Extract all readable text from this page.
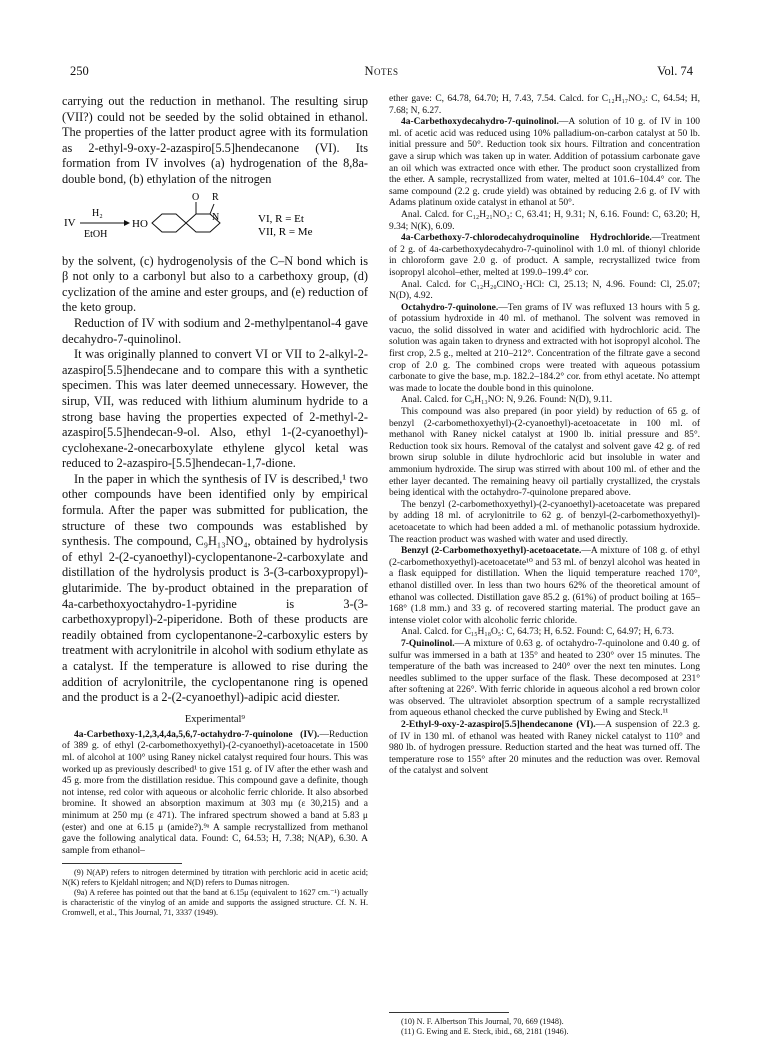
250	Notes	Vol. 74

carrying out the reduction in methanol. The resulting sirup (VII?) could not be seeded by the solid obtained in ethanol. The properties of the latter product agree with its formulation as 2-ethyl-9-oxy-2-azaspiro[5.5]hendecanone (VI). Its formation from IV involves (a) hydrogenation of the 8,8a-double bond, (b) ethylation of the nitrogen

IV
H₂
EtOH
HO
O R
N	VI, R = Et
VII, R = Me

by the solvent, (c) hydrogenolysis of the C–N bond which is β not only to a carbonyl but also to a carbethoxy group, (d) cyclization of the amine and ester groups, and (e) reduction of the keto group.

Reduction of IV with sodium and 2-methylpentanol-4 gave decahydro-7-quinolinol.

It was originally planned to convert VI or VII to 2-alkyl-2-azaspiro[5.5]hendecane and to compare this with a synthetic specimen. This was later deemed unnecessary. However, the sirup, VII, was reduced with lithium aluminum hydride to a strong base having the properties expected of 2-methyl-2-azaspiro[5.5]hendecan-9-ol. Also, ethyl 1-(2-cyanoethyl)-cyclohexane-2-onecarboxylate ethylene glycol ketal was reduced to 2-azaspiro-[5.5]hendecan-1,7-dione.

In the paper in which the synthesis of IV is described,¹ two other compounds have been identified only by empirical formula. After the paper was submitted for publication, the structure of these two compounds was established by synthesis. The compound, C₉H₁₃NO₄, obtained by hydrolysis of ethyl 2-(2-cyanoethyl)-cyclopentanone-2-carboxylate and distillation of the hydrolysis product is 3-(3-carboxypropyl)-glutarimide. The by-product obtained in the preparation of 4a-carbethoxyoctahydro-1-pyridine is 3-(3-carbethoxypropyl)-2-piperidone. Both of these products are readily obtained from cyclopentanone-2-carboxylic esters by treatment with acrylonitrile in alcohol with sodium ethylate as a catalyst. If the temperature is allowed to rise during the addition of acrylonitrile, the cyclopentanone ring is opened and the product is a 2-(2-cyanoethyl)-adipic acid diester.

Experimental⁹

4a-Carbethoxy-1,2,3,4,4a,5,6,7-octahydro-7-quinolone (IV).—Reduction of 389 g. of ethyl (2-carbomethoxyethyl)-(2-cyanoethyl)-acetoacetate in 1500 ml. of alcohol at 100° using Raney nickel catalyst required four hours. This was worked up as previously described¹ to give 151 g. of IV after the ether wash and 45 g. more from the distillation residue. This compound gave a definite, though not intense, red color with aqueous or alcoholic ferric chloride. It also absorbed bromine. It showed an absorption maximum at 303 mμ (ε 30,215) and a minimum at 250 mμ (ε 471). The infrared spectrum showed a band at 5.83 μ (ester) and one at 6.15 μ (amide?).⁹ᵃ A sample recrystallized from methanol gave the following analytical data. Found: C, 64.53; H, 7.38; N(AP), 6.30. A sample from ethanol–

(9) N(AP) refers to nitrogen determined by titration with perchloric acid in acetic acid; N(K) refers to Kjeldahl nitrogen; and N(D) refers to Dumas nitrogen.

(9a) A referee has pointed out that the band at 6.15μ (equivalent to 1627 cm.⁻¹) actually is characteristic of the vinylog of an amide and supports the assigned structure. Cf. N. H. Cromwell, et al., This Journal, 71, 3337 (1949).

ether gave: C, 64.78, 64.70; H, 7.43, 7.54. Calcd. for C₁₂H₁₇NO₃: C, 64.54; H, 7.68; N, 6.27.

4a-Carbethoxydecahydro-7-quinolinol.—A solution of 10 g. of IV in 100 ml. of acetic acid was reduced using 10% palladium-on-carbon catalyst at 50 lb. initial pressure and 50°. Reduction took six hours. Filtration and concentration gave a sirup which was taken up in water. Addition of potassium carbonate gave an oil which was extracted once with ether. The product soon crystallized from the ether. A sample, recrystallized from water, melted at 101.6–104.4° cor. The same compound (2.2 g. crude yield) was obtained by reducing 2.6 g. of IV with Adams platinum oxide catalyst in ethanol at 50°.

Anal. Calcd. for C₁₂H₂₁NO₃: C, 63.41; H, 9.31; N, 6.16. Found: C, 63.20; H, 9.34; N(K), 6.09.

4a-Carbethoxy-7-chlorodecahydroquinoline Hydrochloride.—Treatment of 2 g. of 4a-carbethoxydecahydro-7-quinolinol with 1.0 ml. of thionyl chloride in chloroform gave 2.0 g. of product. A sample, recrystallized twice from isopropyl alcohol–ether, melted at 199.0–199.4° cor.

Anal. Calcd. for C₁₂H₂₀ClNO₂·HCl: Cl, 25.13; N, 4.96. Found: Cl, 25.07; N(D), 4.92.

Octahydro-7-quinolone.—Ten grams of IV was refluxed 13 hours with 5 g. of potassium hydroxide in 40 ml. of methanol. The solvent was removed in vacuo, the solid dissolved in water and acidified with hydrochloric acid. The solution was again taken to dryness and extracted with hot isopropyl alcohol. The first crop, 2.5 g., melted at 210–212°. Concentration of the filtrate gave a second crop of 2.0 g. The combined crops were treated with aqueous potassium carbonate to give the base, m.p. 182.2–184.2° cor. from ethyl acetate. No attempt was made to locate the double bond in this quinolone.

Anal. Calcd. for C₉H₁₃NO: N, 9.26. Found: N(D), 9.11.

This compound was also prepared (in poor yield) by reduction of 65 g. of benzyl (2-carbomethoxyethyl)-(2-cyanoethyl)-acetoacetate in 100 ml. of methanol with Raney nickel catalyst at 1900 lb. initial pressure and 85°. Reduction took six hours. Removal of the catalyst and solvent gave 42 g. of red brown sirup soluble in dilute hydrochloric acid but insoluble in water and ammonium hydroxide. The sirup was stirred with about 100 ml. of ether and the ether layer decanted. The remaining heavy oil partially crystallized, the crystals being identical with the octahydro-7-quinolone prepared above.

The benzyl (2-carbomethoxyethyl)-(2-cyanoethyl)-acetoacetate was prepared by adding 18 ml. of acrylonitrile to 62 g. of benzyl-(2-carbomethoxyethyl)-acetoacetate to which had been added a ml. of methanolic potassium hydroxide. The reaction product was washed with water and used directly.

Benzyl (2-Carbomethoxyethyl)-acetoacetate.—A mixture of 108 g. of ethyl (2-carbomethoxyethyl)-acetoacetate¹⁰ and 53 ml. of benzyl alcohol was heated in a flask equipped for distillation. When the liquid temperature reached 170°, ethanol distilled over. In less than two hours 62% of the theoretical amount of ethanol was collected. Distillation gave 85.2 g. (61%) of product boiling at 165–168° (1.8 mm.) and 33 g. of recovered starting material. The product gave an intense violet color with alcoholic ferric chloride.

Anal. Calcd. for C₁₅H₁₈O₅: C, 64.73; H, 6.52. Found: C, 64.97; H, 6.73.

7-Quinolinol.—A mixture of 0.63 g. of octahydro-7-quinolone and 0.40 g. of sulfur was immersed in a bath at 135° and heated to 230° over 15 minutes. The temperature of the bath was increased to 240° over the next ten minutes. Long needles sublimed to the upper surface of the flask. These decomposed at 231° after softening at 226°. With ferric chloride in aqueous alcohol a red brown color was observed. The ultraviolet absorption spectrum of a sample recrystallized from aqueous ethanol checked the curve published by Ewing and Steck.¹¹

2-Ethyl-9-oxy-2-azaspiro[5.5]hendecanone (VI).—A suspension of 22.3 g. of IV in 130 ml. of ethanol was heated with Raney nickel catalyst to 110° and 980 lb. of hydrogen pressure. Reduction started and the heat was turned off. The temperature rose to 155° after 20 minutes and the reduction was over. Removal of the catalyst and solvent

(10) N. F. Albertson This Journal, 70, 669 (1948).

(11) G. Ewing and E. Steck, ibid., 68, 2181 (1946).
